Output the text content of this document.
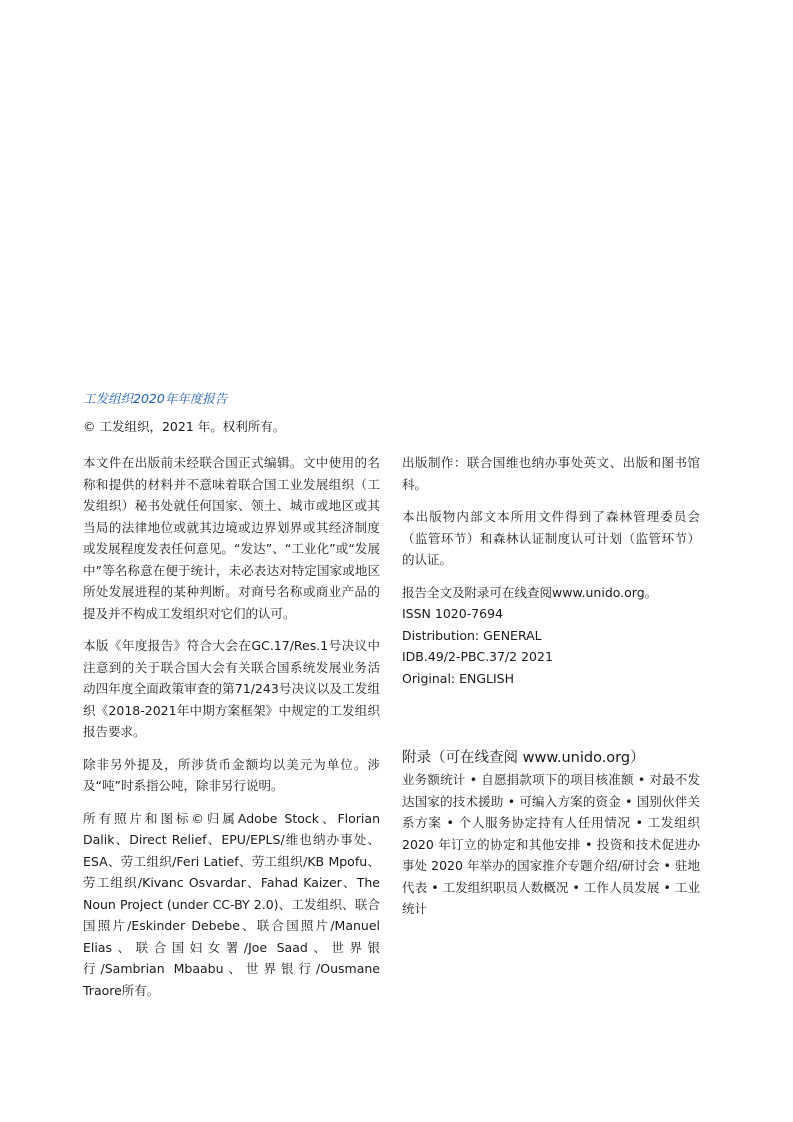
工发组织2020年年度报告
© 工发组织，2021 年。权利所有。

本文件在出版前未经联合国正式编辑。文中使用的名称和提供的材料并不意味着联合国工业发展组织（工发组织）秘书处就任何国家、领土、城市或地区或其当局的法律地位或就其边境或边界划界或其经济制度或发展程度发表任何意见。“发达”、“工业化”或“发展中”等名称意在便于统计，未必表达对特定国家或地区所处发展进程的某种判断。对商号名称或商业产品的提及并不构成工发组织对它们的认可。

本版《年度报告》符合大会在GC.17/Res.1号决议中注意到的关于联合国大会有关联合国系统发展业务活动四年度全面政策审查的第71/243号决议以及工发组织《2018-2021年中期方案框架》中规定的工发组织报告要求。

除非另外提及，所涉货币金额均以美元为单位。涉及“吨”时系指公吨，除非另行说明。

所有照片和图标©归属Adobe Stock、Florian Dalik、Direct Relief、EPU/EPLS/维也纳办事处、ESA、劳工组织/Feri Latief、劳工组织/KB Mpofu、劳工组织/Kivanc Osvardar、Fahad Kaizer、The Noun Project (under CC-BY 2.0)、工发组织、联合国照片/Eskinder Debebe、联合国照片/Manuel Elias、联合国妇女署/Joe Saad、世界银行/Sambrian Mbaabu、世界银行/Ousmane Traore所有。

出版制作：联合国维也纳办事处英文、出版和图书馆科。

本出版物内部文本所用文件得到了森林管理委员会（监管环节）和森林认证制度认可计划（监管环节）的认证。

报告全文及附录可在线查阅www.unido.org。

ISSN 1020-7694
Distribution: GENERAL
IDB.49/2-PBC.37/2 2021
Original: ENGLISH
附录（可在线查阅 www.unido.org）

业务额统计 • 自愿捐款项下的项目核准额 • 对最不发达国家的技术援助 • 可编入方案的资金 • 国别伙伴关系方案 • 个人服务协定持有人任用情况 • 工发组织 2020 年订立的协定和其他安排 • 投资和技术促进办事处 2020 年举办的国家推介专题介绍/研讨会 • 驻地代表 • 工发组织职员人数概况 • 工作人员发展 • 工业统计
